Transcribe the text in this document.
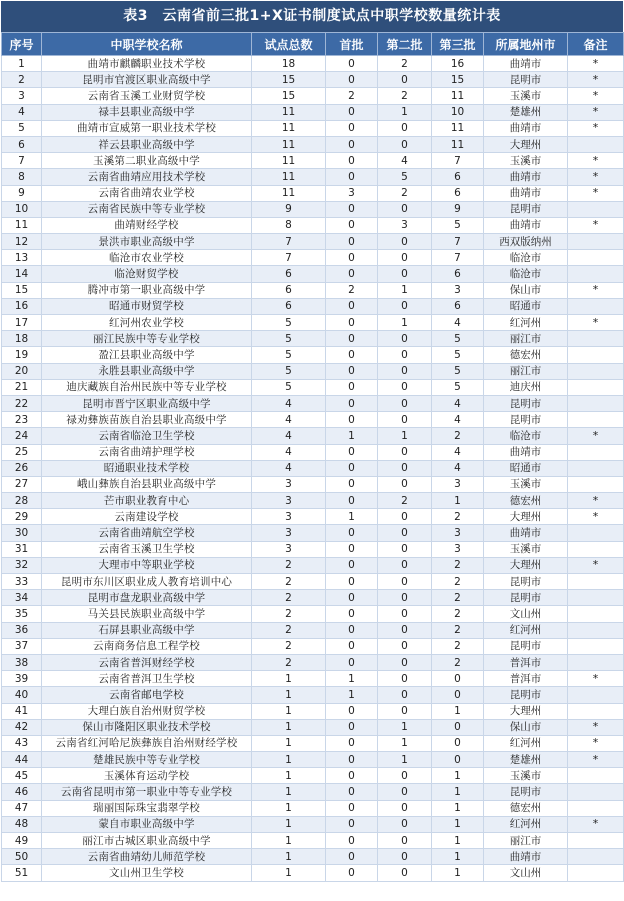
表3　云南省前三批1+X证书制度试点中职学校数量统计表
序号	中职学校名称	试点总数	首批	第二批	第三批	所属地州市	备注
1	曲靖市麒麟职业技术学校	18	0	2	16	曲靖市	*
2	昆明市官渡区职业高级中学	15	0	0	15	昆明市	*
3	云南省玉溪工业财贸学校	15	2	2	11	玉溪市	*
4	禄丰县职业高级中学	11	0	1	10	楚雄州	*
5	曲靖市宣威第一职业技术学校	11	0	0	11	曲靖市	*
6	祥云县职业高级中学	11	0	0	11	大理州	
7	玉溪第二职业高级中学	11	0	4	7	玉溪市	*
8	云南省曲靖应用技术学校	11	0	5	6	曲靖市	*
9	云南省曲靖农业学校	11	3	2	6	曲靖市	*
10	云南省民族中等专业学校	9	0	0	9	昆明市	
11	曲靖财经学校	8	0	3	5	曲靖市	*
12	景洪市职业高级中学	7	0	0	7	西双版纳州	
13	临沧市农业学校	7	0	0	7	临沧市	
14	临沧财贸学校	6	0	0	6	临沧市	
15	腾冲市第一职业高级中学	6	2	1	3	保山市	*
16	昭通市财贸学校	6	0	0	6	昭通市	
17	红河州农业学校	5	0	1	4	红河州	*
18	丽江民族中等专业学校	5	0	0	5	丽江市	
19	盈江县职业高级中学	5	0	0	5	德宏州	
20	永胜县职业高级中学	5	0	0	5	丽江市	
21	迪庆藏族自治州民族中等专业学校	5	0	0	5	迪庆州	
22	昆明市晋宁区职业高级中学	4	0	0	4	昆明市	
23	禄劝彝族苗族自治县职业高级中学	4	0	0	4	昆明市	
24	云南省临沧卫生学校	4	1	1	2	临沧市	*
25	云南省曲靖护理学校	4	0	0	4	曲靖市	
26	昭通职业技术学校	4	0	0	4	昭通市	
27	峨山彝族自治县职业高级中学	3	0	0	3	玉溪市	
28	芒市职业教育中心	3	0	2	1	德宏州	*
29	云南建设学校	3	1	0	2	大理州	*
30	云南省曲靖航空学校	3	0	0	3	曲靖市	
31	云南省玉溪卫生学校	3	0	0	3	玉溪市	
32	大理市中等职业学校	2	0	0	2	大理州	*
33	昆明市东川区职业成人教育培训中心	2	0	0	2	昆明市	
34	昆明市盘龙职业高级中学	2	0	0	2	昆明市	
35	马关县民族职业高级中学	2	0	0	2	文山州	
36	石屏县职业高级中学	2	0	0	2	红河州	
37	云南商务信息工程学校	2	0	0	2	昆明市	
38	云南省普洱财经学校	2	0	0	2	普洱市	
39	云南省普洱卫生学校	1	1	0	0	普洱市	*
40	云南省邮电学校	1	1	0	0	昆明市	
41	大理白族自治州财贸学校	1	0	0	1	大理州	
42	保山市隆阳区职业技术学校	1	0	1	0	保山市	*
43	云南省红河哈尼族彝族自治州财经学校	1	0	1	0	红河州	*
44	楚雄民族中等专业学校	1	0	1	0	楚雄州	*
45	玉溪体育运动学校	1	0	0	1	玉溪市	
46	云南省昆明市第一职业中等专业学校	1	0	0	1	昆明市	
47	瑞丽国际珠宝翡翠学校	1	0	0	1	德宏州	
48	蒙自市职业高级中学	1	0	0	1	红河州	*
49	丽江市古城区职业高级中学	1	0	0	1	丽江市	
50	云南省曲靖幼儿师范学校	1	0	0	1	曲靖市	
51	文山州卫生学校	1	0	0	1	文山州	
